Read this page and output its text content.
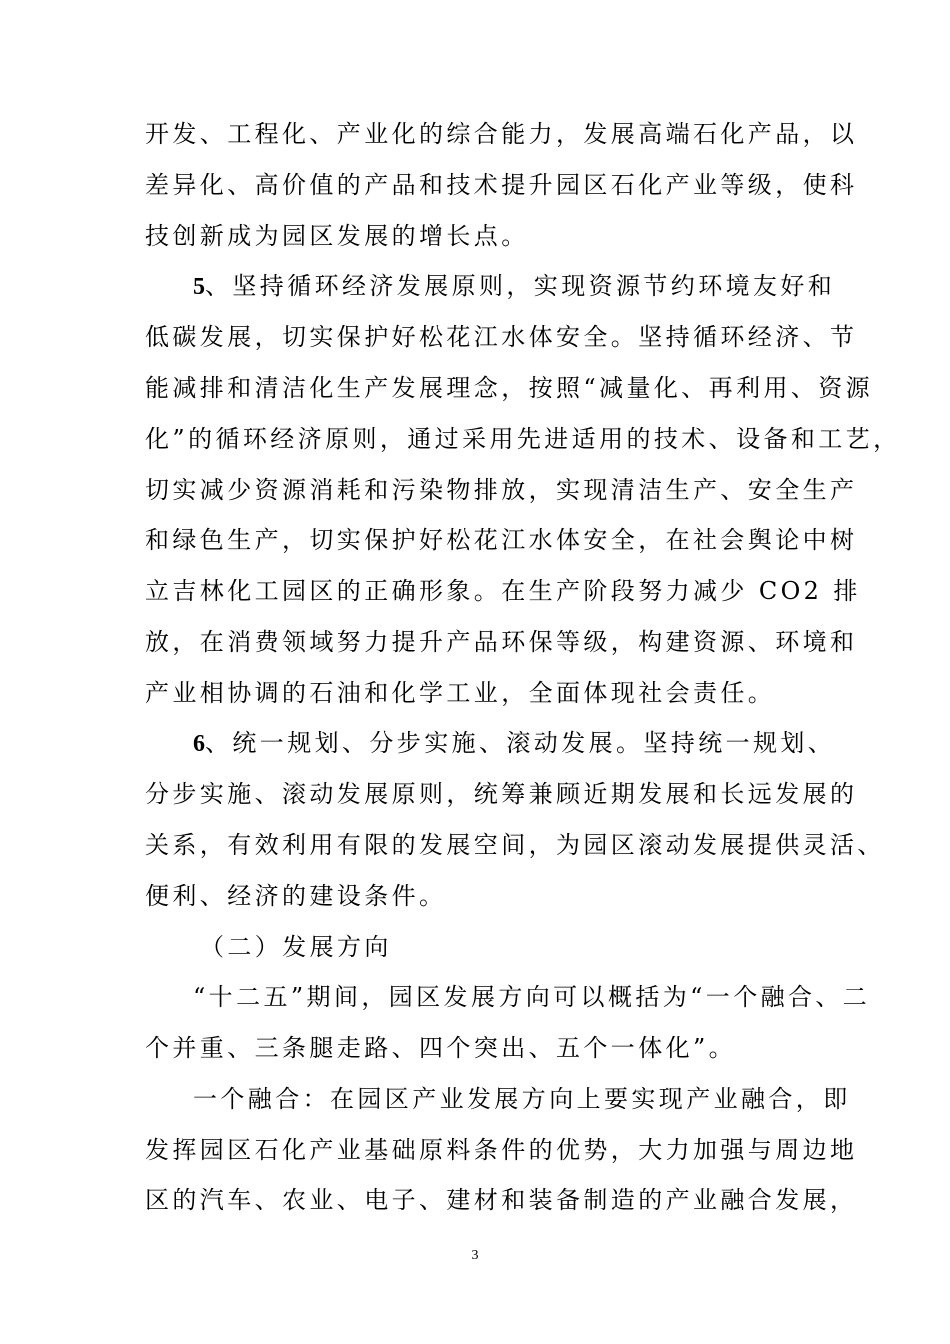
开发、工程化、产业化的综合能力，发展高端石化产品，以
差异化、高价值的产品和技术提升园区石化产业等级，使科
技创新成为园区发展的增长点。
5、坚持循环经济发展原则，实现资源节约环境友好和
低碳发展，切实保护好松花江水体安全。坚持循环经济、节
能减排和清洁化生产发展理念，按照“减量化、再利用、资源
化”的循环经济原则，通过采用先进适用的技术、设备和工艺，
切实减少资源消耗和污染物排放，实现清洁生产、安全生产
和绿色生产，切实保护好松花江水体安全，在社会舆论中树
立吉林化工园区的正确形象。在生产阶段努力减少 CO2 排
放，在消费领域努力提升产品环保等级，构建资源、环境和
产业相协调的石油和化学工业，全面体现社会责任。
6、统一规划、分步实施、滚动发展。坚持统一规划、
分步实施、滚动发展原则，统筹兼顾近期发展和长远发展的
关系，有效利用有限的发展空间，为园区滚动发展提供灵活、
便利、经济的建设条件。
（二）发展方向
“十二五”期间，园区发展方向可以概括为“一个融合、二
个并重、三条腿走路、四个突出、五个一体化”。
一个融合：在园区产业发展方向上要实现产业融合，即
发挥园区石化产业基础原料条件的优势，大力加强与周边地
区的汽车、农业、电子、建材和装备制造的产业融合发展，
3
